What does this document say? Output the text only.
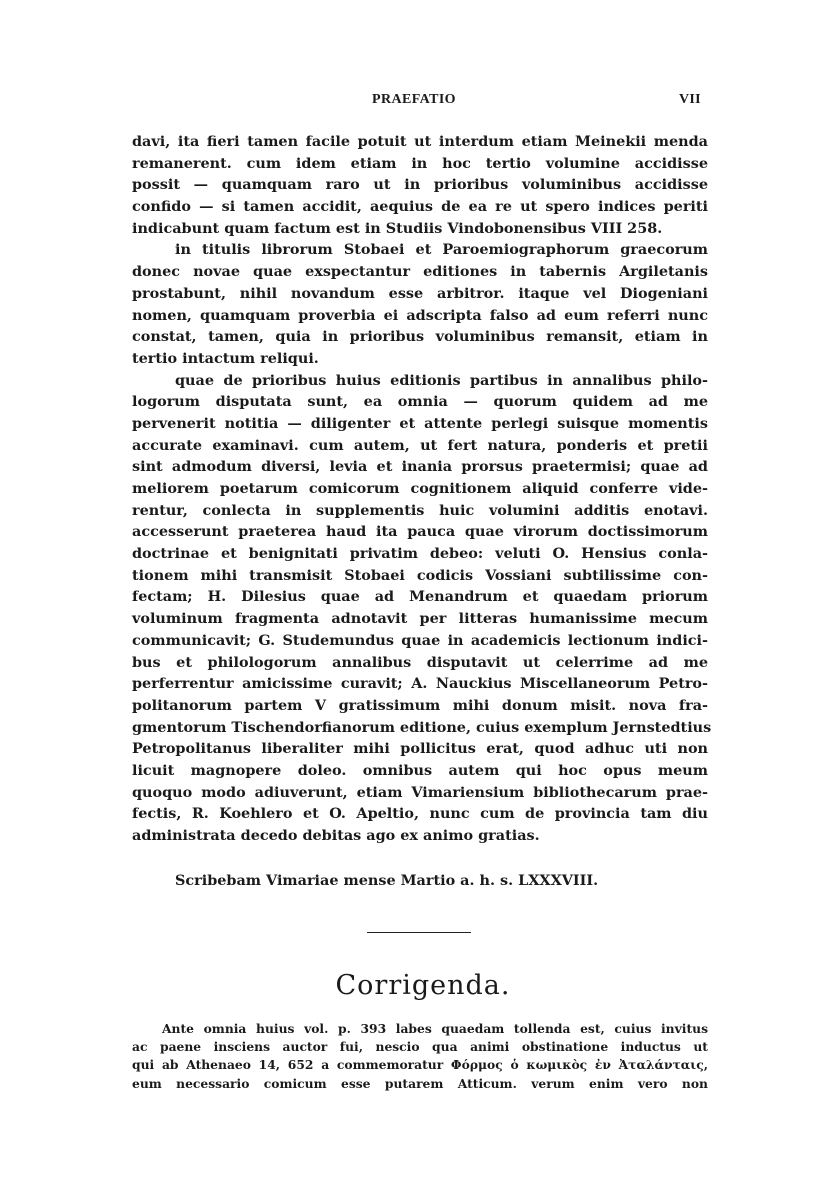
PRAEFATIO	VII
davi, ita fieri tamen facile potuit ut interdum etiam Meinekii menda
remanerent. cum idem etiam in hoc tertio volumine accidisse
possit — quamquam raro ut in prioribus voluminibus accidisse
confido — si tamen accidit, aequius de ea re ut spero indices periti
indicabunt quam factum est in Studiis Vindobonensibus VIII 258.
in titulis librorum Stobaei et Paroemiographorum graecorum
donec novae quae exspectantur editiones in tabernis Argiletanis
prostabunt, nihil novandum esse arbitror. itaque vel Diogeniani
nomen, quamquam proverbia ei adscripta falso ad eum referri nunc
constat, tamen, quia in prioribus voluminibus remansit, etiam in
tertio intactum reliqui.
quae de prioribus huius editionis partibus in annalibus philo-
logorum disputata sunt, ea omnia — quorum quidem ad me
pervenerit notitia — diligenter et attente perlegi suisque momentis
accurate examinavi. cum autem, ut fert natura, ponderis et pretii
sint admodum diversi, levia et inania prorsus praetermisi; quae ad
meliorem poetarum comicorum cognitionem aliquid conferre vide-
rentur, conlecta in supplementis huic volumini additis enotavi.
accesserunt praeterea haud ita pauca quae virorum doctissimorum
doctrinae et benignitati privatim debeo: veluti O. Hensius conla-
tionem mihi transmisit Stobaei codicis Vossiani subtilissime con-
fectam; H. Dilesius quae ad Menandrum et quaedam priorum
voluminum fragmenta adnotavit per litteras humanissime mecum
communicavit; G. Studemundus quae in academicis lectionum indici-
bus et philologorum annalibus disputavit ut celerrime ad me
perferrentur amicissime curavit; A. Nauckius Miscellaneorum Petro-
politanorum partem V gratissimum mihi donum misit. nova fra-
gmentorum Tischendorfianorum editione, cuius exemplum Jernstedtius
Petropolitanus liberaliter mihi pollicitus erat, quod adhuc uti non
licuit magnopere doleo. omnibus autem qui hoc opus meum
quoquo modo adiuverunt, etiam Vimariensium bibliothecarum prae-
fectis, R. Koehlero et O. Apeltio, nunc cum de provincia tam diu
administrata decedo debitas ago ex animo gratias.
Scribebam Vimariae mense Martio a. h. s. LXXXVIII.
Corrigenda.
Ante omnia huius vol. p. 393 labes quaedam tollenda est, cuius invitus
ac paene insciens auctor fui, nescio qua animi obstinatione inductus ut
qui ab Athenaeo 14, 652 a commemoratur Φόρμος ὁ κωμικὸς ἐν Ἀταλάνταις,
eum necessario comicum esse putarem Atticum. verum enim vero non
